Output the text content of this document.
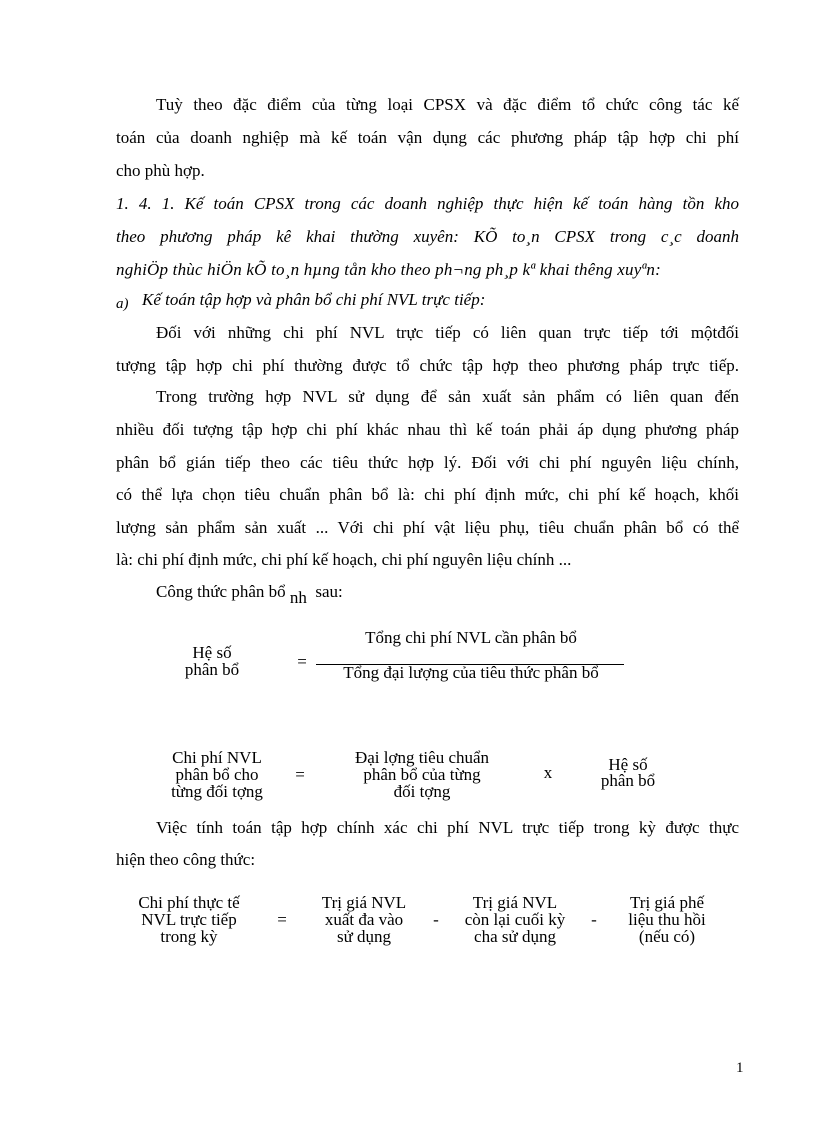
Tuỳ theo đặc điểm của từng loại CPSX và đặc điểm tổ chức công tác kế
toán của doanh nghiệp mà kế toán vận dụng các phương pháp tập hợp chi phí
cho phù hợp.
1. 4. 1. Kế toán CPSX trong các doanh nghiệp thực hiện kế toán hàng tồn kho
theo phương pháp kê khai thường xuyên: KÕ to¸n CPSX trong c¸c doanh
nghiÖp thùc hiÖn kÕ to¸n hµng tån kho theo ph¬ng ph¸p kª khai thêng xuyªn:
a) Kế toán tập hợp và phân bổ chi phí NVL trực tiếp:
Đối với những chi phí NVL trực tiếp có liên quan trực tiếp tới mộtđối
tượng tập hợp chi phí thường được tổ chức tập hợp theo phương pháp trực tiếp.
Trong trường hợp NVL sử dụng để sản xuất sản phẩm có liên quan đến
nhiều đối tượng tập hợp chi phí khác nhau thì kế toán phải áp dụng phương pháp
phân bổ gián tiếp theo các tiêu thức hợp lý. Đối với chi phí nguyên liệu chính,
có thể lựa chọn tiêu chuẩn phân bổ là: chi phí định mức, chi phí kế hoạch, khối
lượng sản phẩm sản xuất ... Với chi phí vật liệu phụ, tiêu chuẩn phân bổ có thể
là: chi phí định mức, chi phí kế hoạch, chi phí nguyên liệu chính ...
Công thức phân bổ nh sau:
Hệ số
phân bổ	=
Tổng chi phí NVL cần phân bổ
Tổng đại lượng của tiêu thức phân bổ
Chi phí NVL
phân bổ cho
từng đối tợng
=
Đại lợng tiêu chuẩn
phân bổ của từng
đối tợng
x	Hệ số
phân bổ
Việc tính toán tập hợp chính xác chi phí NVL trực tiếp trong kỳ được thực
hiện theo công thức:
Chi phí thực tế
NVL trực tiếp
trong kỳ
=
Trị giá NVL
xuất đa vào
sử dụng
-
Trị giá NVL
còn lại cuối kỳ
cha sử dụng
-
Trị giá phế
liệu thu hồi
(nếu có)
1
